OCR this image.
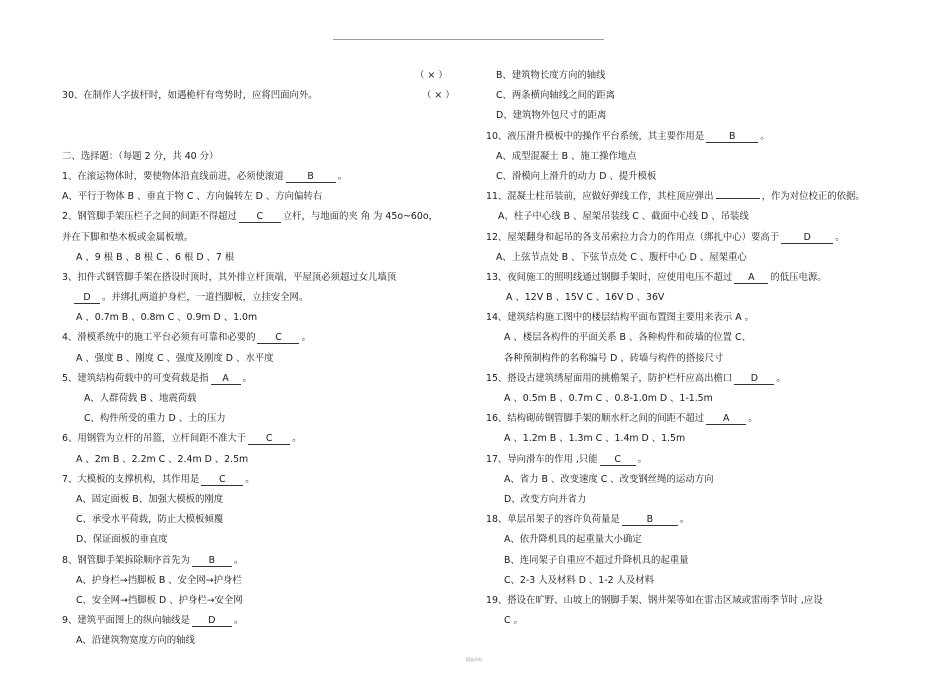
（ × ）
30、在制作人字拔杆时，如遇桅杆有弯势时，应将凹面向外。	（ × ）
二、选择题：（每题 2 分，共 40 分）
1、在滚运物体时，要使物体沿直线前进，必须使滚道	B	。
A、平行于物体 B 、垂直于物 C 、方向偏转左 D 、方向偏转右
2、钢管脚手架压栏子之间的间距不得超过 C 立杆，与地面的夹 角 为 45o~60o，
并在下脚和垫木板或金属板墩。
A 、9 根 B 、8 根 C 、6 根 D 、7 根
3、扣件式钢管脚手架在搭设时顶时，其外排立杆顶端，平屋顶必须超过女儿墙顶
D 。并绑扎两道护身栏，一道挡脚板，立挂安全网。
A 、0.7m B 、0.8m C 、0.9m D 、1.0m
4、滑模系统中的施工平台必须有可靠和必要的 C 。
A 、强度 B 、刚度 C 、强度及刚度 D 、水平度
5、建筑结构荷载中的可变荷载是指 A 。
A、人群荷载 B 、地震荷载
C、构件所受的重力 D 、土的压力
6、用钢管为立杆的吊篮，立杆间距不准大于 C 。
A 、2m B 、2.2m C 、2.4m D 、2.5m
7、大模板的支撑机构，其作用是 C 。
A、固定面板 B、加强大模板的刚度
C、承受水平荷载，防止大模板倾覆
D、保证面板的垂直度
8、钢管脚手架拆除顺序首先为 B 。
A、护身栏→挡脚板 B 、安全网→护身栏
C、安全网→挡脚板 D 、护身栏→安全网
9、建筑平面图上的纵向轴线是 D 。
A、沿建筑物宽度方向的轴线
B、建筑物长度方向的轴线
C、两条横向轴线之间的距离
D、建筑物外包尺寸的距离
10、液压滑升模板中的操作平台系统，其主要作用是	B	。
A、成型混凝土 B 、施工操作地点
C、滑模向上滑升的动力 D 、提升模板
11、混凝土柱吊装前，应做好弹线工作，其柱顶应弹出	，作为对位校正的依据。
A、柱子中心线 B 、屋架吊装线 C 、截面中心线 D 、吊装线
12、屋架翻身和起吊的各支吊索拉力合力的作用点（绑扎中心）要高于	D	。
A、上弦节点处 B 、下弦节点处 C 、腹杆中心 D 、屋架重心
13、夜间施工的照明线通过钢脚手架时，应使用电压不超过 A 的低压电源。
A 、12V B 、15V C 、16V D 、36V
14、建筑结构施工图中的楼层结构平面布置图主要用来表示 A 。
A 、楼层各构件的平面关系 B 、各种构件和砖墙的位置 C、
各种预制构件的名称编号 D 、砖墙与构件的搭接尺寸
15、搭设古建筑绣屋面用的挑檐架子，防护栏杆应高出檐口 D 。
A 、0.5m B 、0.7m C 、0.8-1.0m D 、1-1.5m
16、结构砌砖钢管脚手架的顺水杆之间的间距不超过 A 。
A 、1.2m B 、1.3m C 、1.4m D 、1.5m
17、导向滑车的作用 ,只能 C 。
A、省力 B 、改变速度 C 、改变钢丝绳的运动方向
D、改变方向并省力
18、单层吊架子的容许负荷量是	B	。
A、依升降机具的起重量大小确定
B、连同架子自重应不超过升降机具的起重量
C、2-3 人及材料 D 、1-2 人及材料
19、搭设在旷野、山坡上的钢脚手架、钢井架等如在雷击区域或雷雨季节时 ,应设
C 。
精品资料
